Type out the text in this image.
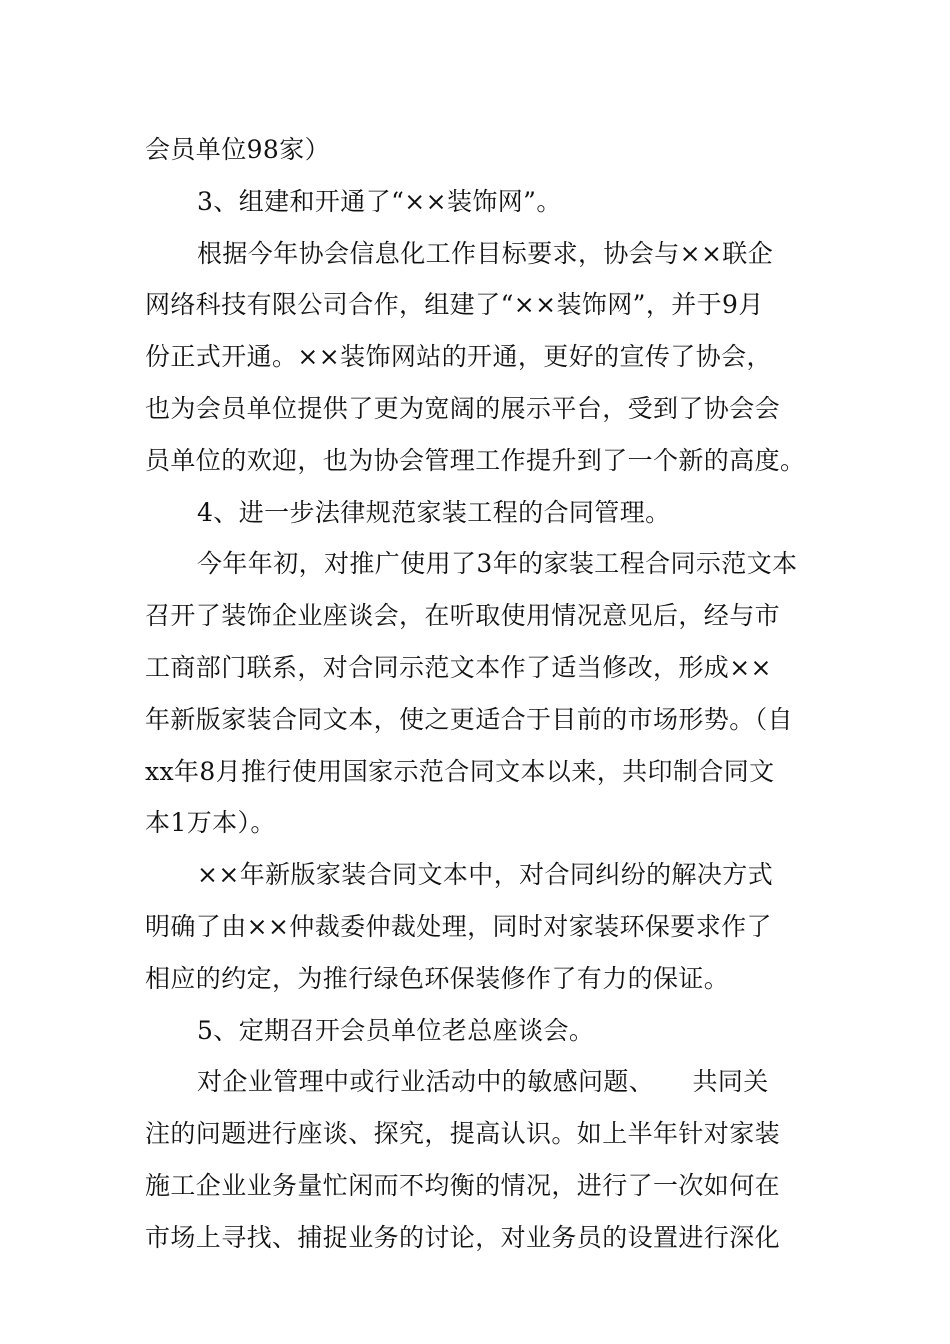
会员单位98家）
3、组建和开通了“××装饰网”。
根据今年协会信息化工作目标要求，协会与××联企
网络科技有限公司合作，组建了“××装饰网”，并于9月
份正式开通。××装饰网站的开通，更好的宣传了协会，
也为会员单位提供了更为宽阔的展示平台，受到了协会会
员单位的欢迎，也为协会管理工作提升到了一个新的高度。
4、进一步法律规范家装工程的合同管理。
今年年初，对推广使用了3年的家装工程合同示范文本
召开了装饰企业座谈会，在听取使用情况意见后，经与市
工商部门联系，对合同示范文本作了适当修改，形成××
年新版家装合同文本，使之更适合于目前的市场形势。（自
xx年8月推行使用国家示范合同文本以来，共印制合同文
本1万本）。
××年新版家装合同文本中，对合同纠纷的解决方式
明确了由××仲裁委仲裁处理，同时对家装环保要求作了
相应的约定，为推行绿色环保装修作了有力的保证。
5、定期召开会员单位老总座谈会。
对企业管理中或行业活动中的敏感问题、　　共同关
注的问题进行座谈、探究，提高认识。如上半年针对家装
施工企业业务量忙闲而不均衡的情况，进行了一次如何在
市场上寻找、捕捉业务的讨论，对业务员的设置进行深化
